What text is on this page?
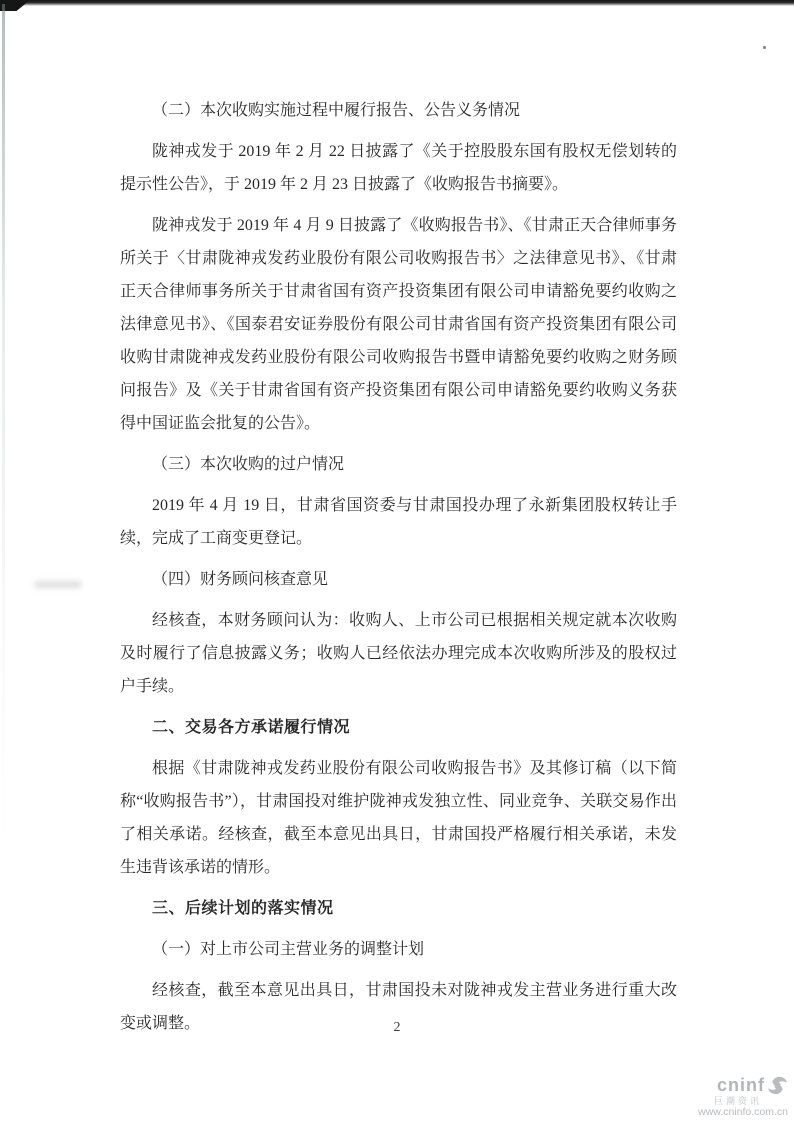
（二）本次收购实施过程中履行报告、公告义务情况

陇神戎发于 2019 年 2 月 22 日披露了《关于控股股东国有股权无偿划转的提示性公告》，于 2019 年 2 月 23 日披露了《收购报告书摘要》。

陇神戎发于 2019 年 4 月 9 日披露了《收购报告书》、《甘肃正天合律师事务所关于〈甘肃陇神戎发药业股份有限公司收购报告书〉之法律意见书》、《甘肃正天合律师事务所关于甘肃省国有资产投资集团有限公司申请豁免要约收购之法律意见书》、《国泰君安证券股份有限公司甘肃省国有资产投资集团有限公司收购甘肃陇神戎发药业股份有限公司收购报告书暨申请豁免要约收购之财务顾问报告》及《关于甘肃省国有资产投资集团有限公司申请豁免要约收购义务获得中国证监会批复的公告》。

（三）本次收购的过户情况

2019 年 4 月 19 日，甘肃省国资委与甘肃国投办理了永新集团股权转让手续，完成了工商变更登记。

（四）财务顾问核查意见

经核查，本财务顾问认为：收购人、上市公司已根据相关规定就本次收购及时履行了信息披露义务；收购人已经依法办理完成本次收购所涉及的股权过户手续。

二、交易各方承诺履行情况

根据《甘肃陇神戎发药业股份有限公司收购报告书》及其修订稿（以下简称“收购报告书”），甘肃国投对维护陇神戎发独立性、同业竞争、关联交易作出了相关承诺。经核查，截至本意见出具日，甘肃国投严格履行相关承诺，未发生违背该承诺的情形。

三、后续计划的落实情况

（一）对上市公司主营业务的调整计划

经核查，截至本意见出具日，甘肃国投未对陇神戎发主营业务进行重大改变或调整。	2
cninf
巨潮资讯
www.cninfo.com.cn
